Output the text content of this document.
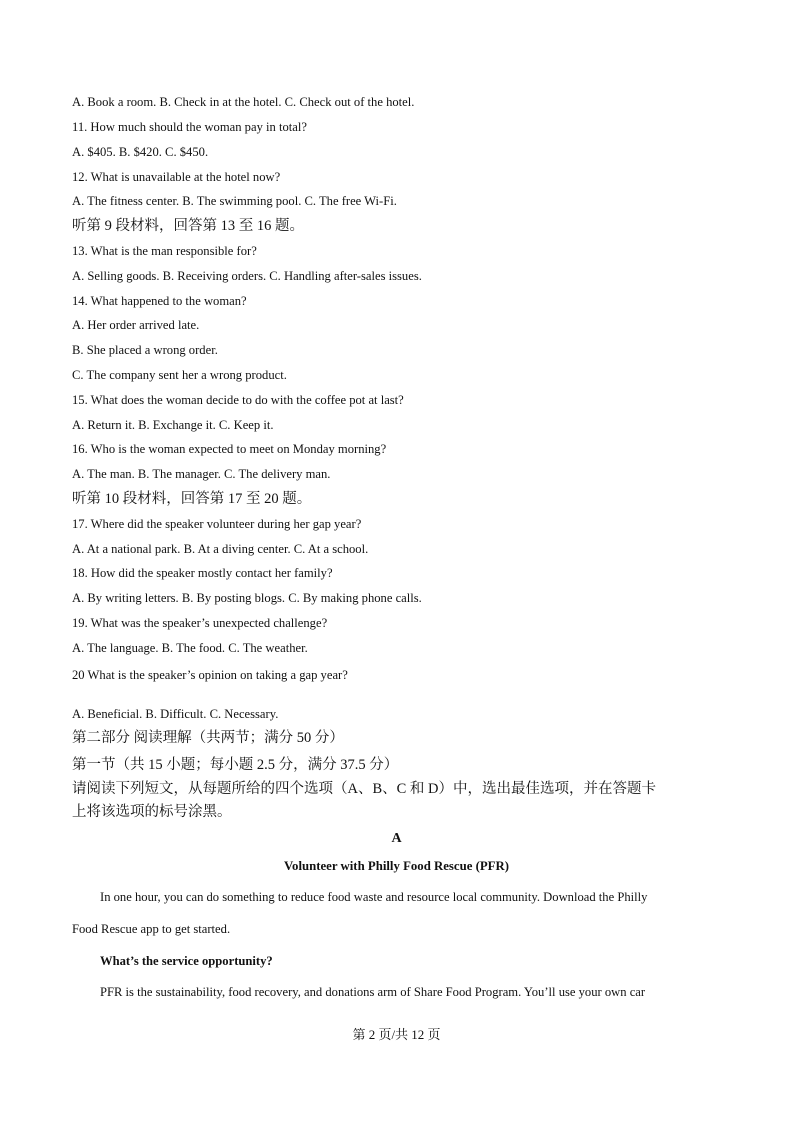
A. Book a room. B. Check in at the hotel. C. Check out of the hotel.
11. How much should the woman pay in total?
A. $405. B. $420. C. $450.
12. What is unavailable at the hotel now?
A. The fitness center. B. The swimming pool. C. The free Wi-Fi.
听第 9 段材料，回答第 13 至 16 题。
13. What is the man responsible for?
A. Selling goods. B. Receiving orders. C. Handling after-sales issues.
14. What happened to the woman?
A. Her order arrived late.
B. She placed a wrong order.
C. The company sent her a wrong product.
15. What does the woman decide to do with the coffee pot at last?
A. Return it. B. Exchange it. C. Keep it.
16. Who is the woman expected to meet on Monday morning?
A. The man. B. The manager. C. The delivery man.
听第 10 段材料，回答第 17 至 20 题。
17. Where did the speaker volunteer during her gap year?
A. At a national park. B. At a diving center. C. At a school.
18. How did the speaker mostly contact her family?
A. By writing letters. B. By posting blogs. C. By making phone calls.
19. What was the speaker’s unexpected challenge?
A. The language. B. The food. C. The weather.
20 What is the speaker’s opinion on taking a gap year?
A. Beneficial. B. Difficult. C. Necessary.
第二部分 阅读理解（共两节；满分 50 分）
第一节（共 15 小题；每小题 2.5 分，满分 37.5 分）
请阅读下列短文，从每题所给的四个选项（A、B、C 和 D）中，选出最佳选项，并在答题卡
上将该选项的标号涂黑。
A
Volunteer with Philly Food Rescue (PFR)
In one hour, you can do something to reduce food waste and resource local community. Download the Philly
Food Rescue app to get started.
What’s the service opportunity?
PFR is the sustainability, food recovery, and donations arm of Share Food Program. You’ll use your own car
第 2 页/共 12 页
